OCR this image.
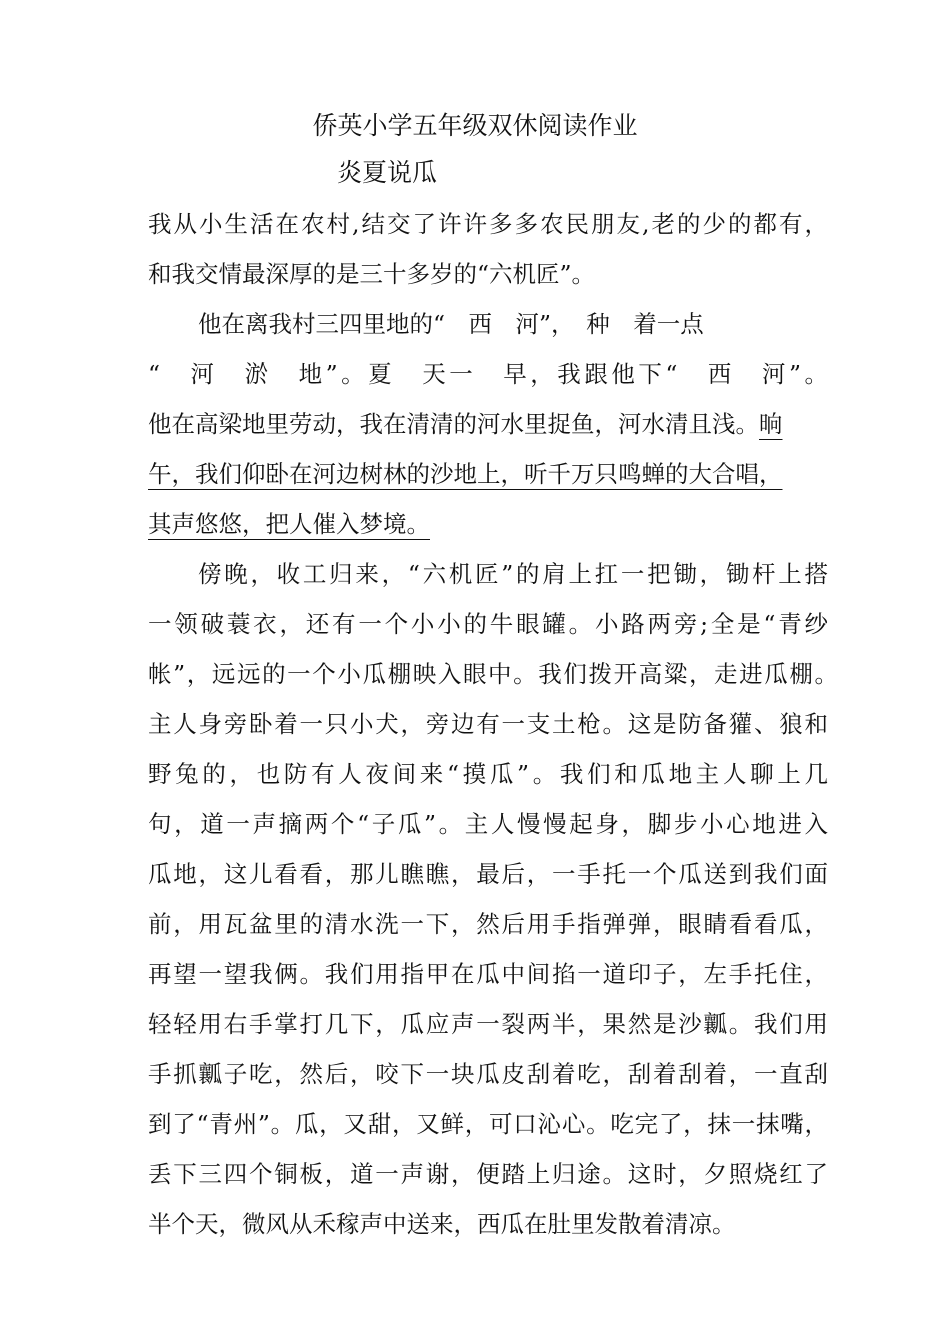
侨英小学五年级双休阅读作业
炎夏说瓜
我从小生活在农村,结交了许许多多农民朋友,老的少的都有，
和我交情最深厚的是三十多岁的“六机匠”。
他在离我村三四里地的“　西　河”，　种　着一点
“　河　淤　地”。夏　天一　早，我跟他下“　西　河”。
他在高梁地里劳动，我在清清的河水里捉鱼，河水清且浅。晌
午，我们仰卧在河边树林的沙地上，听千万只鸣蝉的大合唱，
其声悠悠，把人催入梦境。
傍晚，收工归来，“六机匠”的肩上扛一把锄，锄杆上搭
一领破蓑衣，还有一个小小的牛眼罐。小路两旁;全是“青纱
帐”，远远的一个小瓜棚映入眼中。我们拨开高粱，走进瓜棚。
主人身旁卧着一只小犬，旁边有一支土枪。这是防备獾、狼和
野兔的，也防有人夜间来“摸瓜”。我们和瓜地主人聊上几
句，道一声摘两个“子瓜”。主人慢慢起身，脚步小心地进入
瓜地，这儿看看，那儿瞧瞧，最后，一手托一个瓜送到我们面
前，用瓦盆里的清水洗一下，然后用手指弹弹，眼睛看看瓜，
再望一望我俩。我们用指甲在瓜中间掐一道印子，左手托住，
轻轻用右手掌打几下，瓜应声一裂两半，果然是沙瓤。我们用
手抓瓤子吃，然后，咬下一块瓜皮刮着吃，刮着刮着，一直刮
到了“青州”。瓜，又甜，又鲜，可口沁心。吃完了，抹一抹嘴，
丢下三四个铜板，道一声谢，便踏上归途。这时，夕照烧红了
半个天，微风从禾稼声中送来，西瓜在肚里发散着清凉。
